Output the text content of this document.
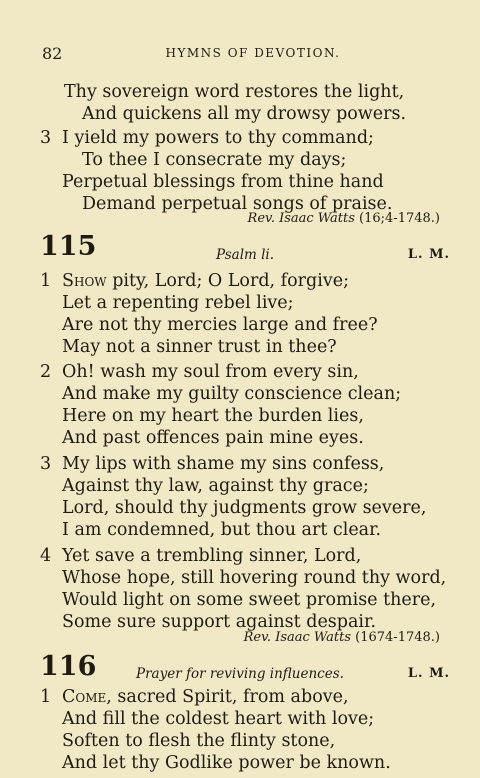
82	HYMNS OF DEVOTION.
Thy sovereign word restores the light,
And quickens all my drowsy powers.
3 I yield my powers to thy command;
To thee I consecrate my days;
Perpetual blessings from thine hand
Demand perpetual songs of praise.
Rev. Isaac Watts (16;4-1748.)
115	Psalm li.	L. M.
1 Show pity, Lord; O Lord, forgive;
Let a repenting rebel live;
Are not thy mercies large and free?
May not a sinner trust in thee?
2 Oh! wash my soul from every sin,
And make my guilty conscience clean;
Here on my heart the burden lies,
And past offences pain mine eyes.
3 My lips with shame my sins confess,
Against thy law, against thy grace;
Lord, should thy judgments grow severe,
I am condemned, but thou art clear.
4 Yet save a trembling sinner, Lord,
Whose hope, still hovering round thy word,
Would light on some sweet promise there,
Some sure support against despair.
Rev. Isaac Watts (1674-1748.)
116	Prayer for reviving influences.	L. M.
1 Come, sacred Spirit, from above,
And fill the coldest heart with love;
Soften to flesh the flinty stone,
And let thy Godlike power be known.
